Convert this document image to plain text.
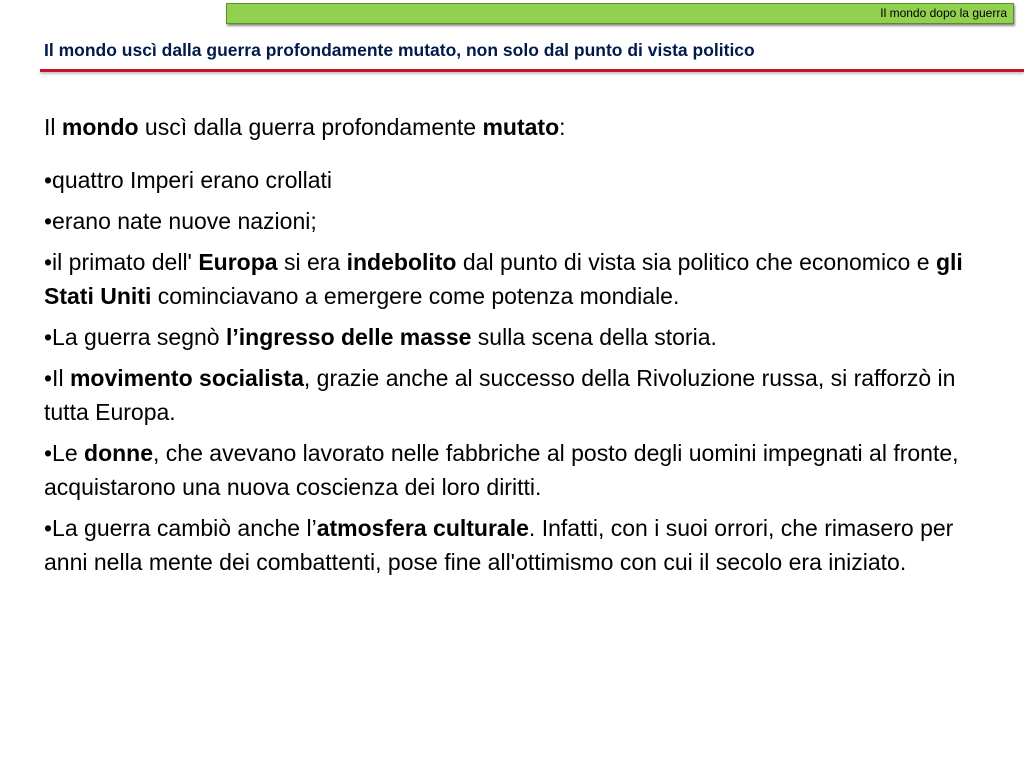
Il mondo dopo la guerra
Il mondo uscì dalla guerra profondamente mutato, non solo dal punto di vista politico

Il mondo uscì dalla guerra profondamente mutato:

•quattro Imperi erano crollati

•erano nate nuove nazioni;

•il primato dell' Europa si era indebolito dal punto di vista sia politico che economico e gli Stati Uniti cominciavano a emergere come potenza mondiale.

•La guerra segnò l’ingresso delle masse sulla scena della storia.

•Il movimento socialista, grazie anche al successo della Rivoluzione russa, si rafforzò in tutta Europa.

•Le donne, che avevano lavorato nelle fabbriche al posto degli uomini impegnati al fronte, acquistarono una nuova coscienza dei loro diritti.

•La guerra cambiò anche l’atmosfera culturale. Infatti, con i suoi orrori, che rimasero per anni nella mente dei combattenti, pose fine all'ottimismo con cui il secolo era iniziato.
